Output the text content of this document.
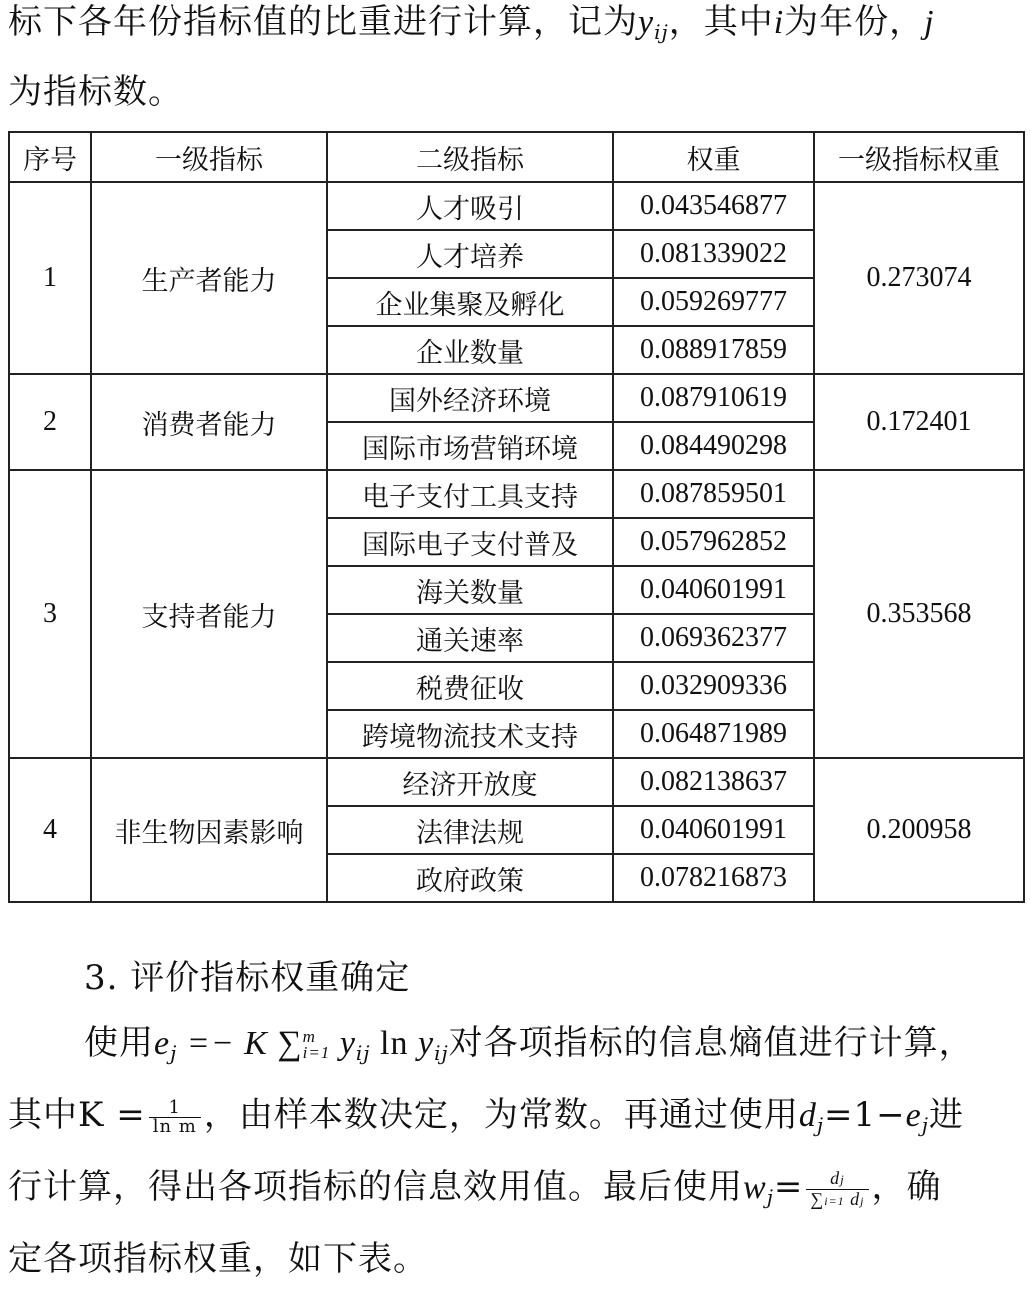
标下各年份指标值的比重进行计算，记为$y_{ij}$，其中i为年份，j
为指标数。
序号	一级指标	二级指标	权重	一级指标权重
1	生产者能力	人才吸引	0.043546877	0.273074
		人才培养	0.081339022	
		企业集聚及孵化	0.059269777	
		企业数量	0.088917859	
2	消费者能力	国外经济环境	0.087910619	0.172401
		国际市场营销环境	0.084490298	
3	支持者能力	电子支付工具支持	0.087859501	0.353568
		国际电子支付普及	0.057962852	
		海关数量	0.040601991	
		通关速率	0.069362377	
		税费征收	0.032909336	
		跨境物流技术支持	0.064871989	
4	非生物因素影响	经济开放度	0.082138637	0.200958
		法律法规	0.040601991	
		政府政策	0.078216873	
3. 评价指标权重确定
使用$e_j =- K$ ∑ m
i=1 $y_{ij}$ $\ln y_{ij}$对各项指标的信息熵值进行计算，
其中$K = \frac{1}{\text{ln m}}$ ，由样本数决定，为常数。再通过使用$d_j=1-e_j$进
行计算，得出各项指标的信息效用值。最后使用$w_j= \frac{dj}{\sum i=1 dj}$ ，确
定各项指标权重，如下表。
